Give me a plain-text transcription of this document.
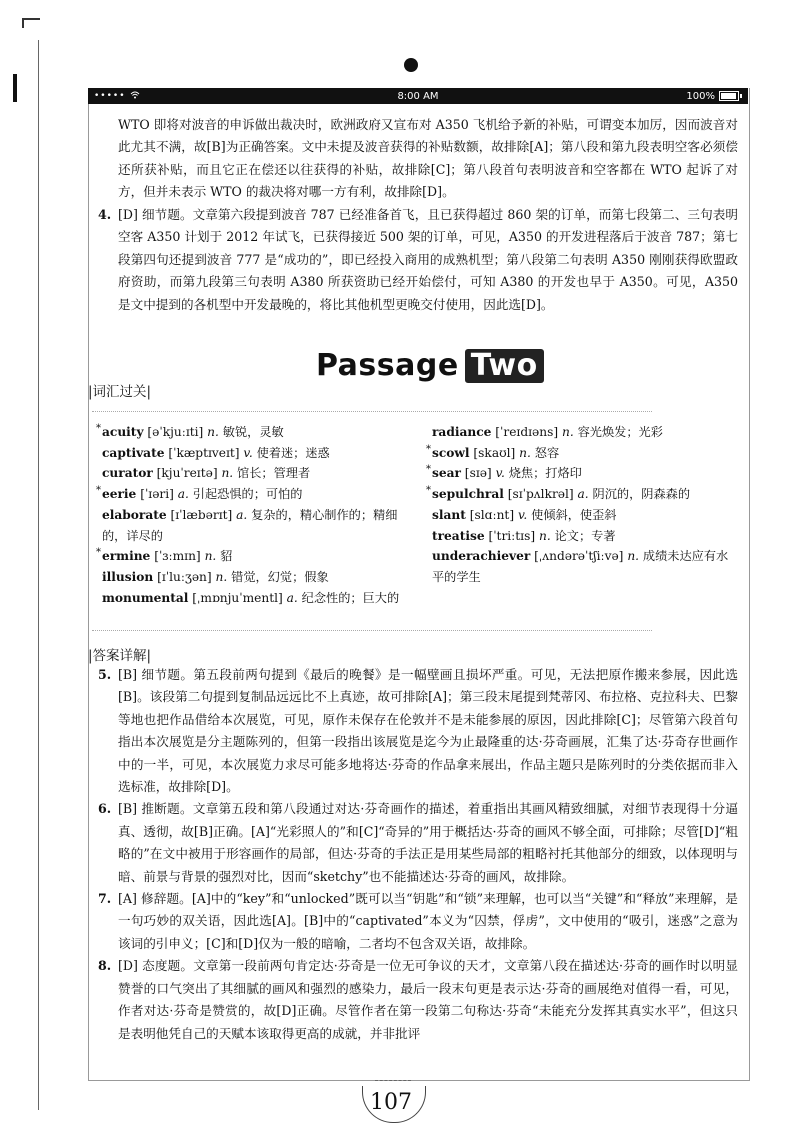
•••••	8:00 AM	100%

WTO 即将对波音的申诉做出裁决时，欧洲政府又宣布对 A350 飞机给予新的补贴，可谓变本加厉，因而波音对此尤其不满，故[B]为正确答案。文中未提及波音获得的补贴数额，故排除[A]；第八段和第九段表明空客必须偿还所获补贴，而且它正在偿还以往获得的补贴，故排除[C]；第八段首句表明波音和空客都在 WTO 起诉了对方，但并未表示 WTO 的裁决将对哪一方有利，故排除[D]。

4. [D] 细节题。文章第六段提到波音 787 已经准备首飞，且已获得超过 860 架的订单，而第七段第二、三句表明空客 A350 计划于 2012 年试飞，已获得接近 500 架的订单，可见，A350 的开发进程落后于波音 787；第七段第四句还提到波音 777 是“成功的”，即已经投入商用的成熟机型；第八段第二句表明 A350 刚刚获得欧盟政府资助，而第九段第三句表明 A380 所获资助已经开始偿付，可知 A380 的开发也早于 A350。可见，A350 是文中提到的各机型中开发最晚的，将比其他机型更晚交付使用，因此选[D]。

Passage Two
|词汇过关|
* acuity [əˈkjuːɪti] n. 敏锐，灵敏
captivate [ˈkæptɪveɪt] v. 使着迷；迷惑
curator [kjuˈreɪtə] n. 馆长；管理者
* eerie [ˈɪəri] a. 引起恐惧的；可怕的
elaborate [ɪˈlæbərɪt] a. 复杂的，精心制作的；精细的，详尽的
* ermine [ˈɜːmɪn] n. 貂
illusion [ɪˈluːʒən] n. 错觉，幻觉；假象
monumental [ˌmɒnjuˈmentl] a. 纪念性的；巨大的
radiance [ˈreɪdɪəns] n. 容光焕发；光彩
* scowl [skaʊl] n. 怒容
* sear [sɪə] v. 烧焦；打烙印
* sepulchral [sɪˈpʌlkrəl] a. 阴沉的，阴森森的
slant [slɑːnt] v. 使倾斜，使歪斜
treatise [ˈtriːtɪs] n. 论文；专著
underachiever [ˌʌndərəˈtʃiːvə] n. 成绩未达应有水平的学生
|答案详解|
5. [B] 细节题。第五段前两句提到《最后的晚餐》是一幅壁画且损坏严重。可见，无法把原作搬来参展，因此选[B]。该段第二句提到复制品远远比不上真迹，故可排除[A]；第三段末尾提到梵蒂冈、布拉格、克拉科夫、巴黎等地也把作品借给本次展览，可见，原作未保存在伦敦并不是未能参展的原因，因此排除[C]；尽管第六段首句指出本次展览是分主题陈列的，但第一段指出该展览是迄今为止最隆重的达·芬奇画展，汇集了达·芬奇存世画作中的一半，可见，本次展览力求尽可能多地将达·芬奇的作品拿来展出，作品主题只是陈列时的分类依据而非入选标准，故排除[D]。

6. [B] 推断题。文章第五段和第八段通过对达·芬奇画作的描述，着重指出其画风精致细腻，对细节表现得十分逼真、透彻，故[B]正确。[A]“光彩照人的”和[C]“奇异的”用于概括达·芬奇的画风不够全面，可排除；尽管[D]“粗略的”在文中被用于形容画作的局部，但达·芬奇的手法正是用某些局部的粗略衬托其他部分的细致，以体现明与暗、前景与背景的强烈对比，因而“sketchy”也不能描述达·芬奇的画风，故排除。

7. [A] 修辞题。[A]中的“key”和“unlocked”既可以当“钥匙”和“锁”来理解，也可以当“关键”和“释放”来理解，是一句巧妙的双关语，因此选[A]。[B]中的“captivated”本义为“囚禁，俘虏”，文中使用的“吸引，迷惑”之意为该词的引申义；[C]和[D]仅为一般的暗喻，二者均不包含双关语，故排除。

8. [D] 态度题。文章第一段前两句肯定达·芬奇是一位无可争议的天才，文章第八段在描述达·芬奇的画作时以明显赞誉的口气突出了其细腻的画风和强烈的感染力，最后一段末句更是表示达·芬奇的画展绝对值得一看，可见，作者对达·芬奇是赞赏的，故[D]正确。尽管作者在第一段第二句称达·芬奇“未能充分发挥其真实水平”，但这只是表明他凭自己的天赋本该取得更高的成就，并非批评

107
